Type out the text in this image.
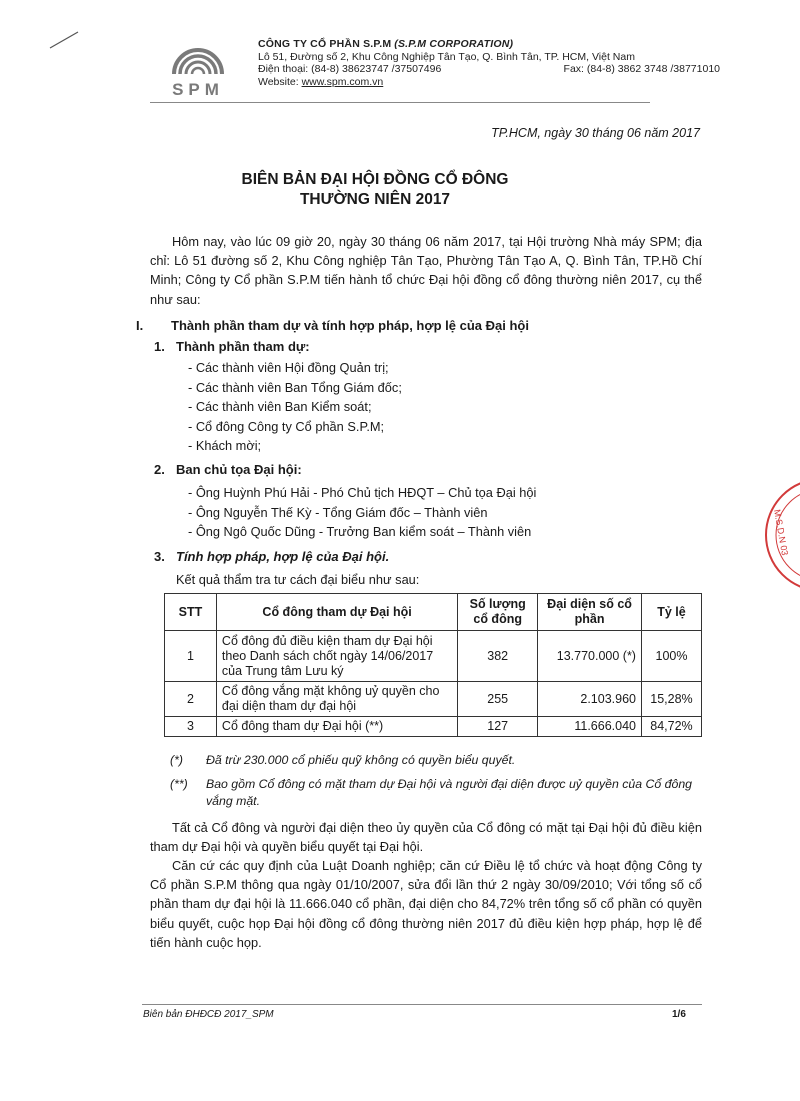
SPM
CÔNG TY CỔ PHẦN S.P.M (S.P.M CORPORATION)
Lô 51, Đường số 2, Khu Công Nghiệp Tân Tạo, Q. Bình Tân, TP. HCM, Việt Nam
Điện thoại: (84-8) 38623747 /37507496	Fax: (84-8) 3862 3748 /38771010
Website: www.spm.com.vn
TP.HCM, ngày 30 tháng 06 năm 2017
BIÊN BẢN ĐẠI HỘI ĐỒNG CỔ ĐÔNG
THƯỜNG NIÊN 2017
Hôm nay, vào lúc 09 giờ 20, ngày 30 tháng 06 năm 2017, tại Hội trường Nhà máy SPM; địa chỉ: Lô 51 đường số 2, Khu Công nghiệp Tân Tạo, Phường Tân Tạo A, Q. Bình Tân, TP.Hồ Chí Minh; Công ty Cổ phần S.P.M tiến hành tổ chức Đại hội đồng cổ đông thường niên 2017, cụ thể như sau:
I. Thành phần tham dự và tính hợp pháp, hợp lệ của Đại hội
1. Thành phần tham dự:
- Các thành viên Hội đồng Quản trị;
- Các thành viên Ban Tổng Giám đốc;
- Các thành viên Ban Kiểm soát;
- Cổ đông Công ty Cổ phần S.P.M;
- Khách mời;
2. Ban chủ tọa Đại hội:
- Ông Huỳnh Phú Hải - Phó Chủ tịch HĐQT – Chủ tọa Đại hội
- Ông Nguyễn Thế Kỳ - Tổng Giám đốc – Thành viên
- Ông Ngô Quốc Dũng - Trưởng Ban kiểm soát – Thành viên
3. Tính hợp pháp, hợp lệ của Đại hội.
Kết quả thẩm tra tư cách đại biểu như sau:
STT	Cổ đông tham dự Đại hội	Số lượng cổ đông	Đại diện số cổ phần	Tỷ lệ
1	Cổ đông đủ điều kiện tham dự Đại hội theo Danh sách chốt ngày 14/06/2017 của Trung tâm Lưu ký	382	13.770.000 (*)	100%
2	Cổ đông vắng mặt không uỷ quyền cho đại diện tham dự đại hội	255	2.103.960	15,28%
3	Cổ đông tham dự Đại hội (**)	127	11.666.040	84,72%
(*)	Đã trừ 230.000 cổ phiếu quỹ không có quyền biểu quyết.
(**)	Bao gồm Cổ đông có mặt tham dự Đại hội và người đại diện được uỷ quyền của Cổ đông vắng mặt.
Tất cả Cổ đông và người đại diện theo ủy quyền của Cổ đông có mặt tại Đại hội đủ điều kiện tham dự Đại hội và quyền biểu quyết tại Đại hội.
Căn cứ các quy định của Luật Doanh nghiệp; căn cứ Điều lệ tổ chức và hoạt động Công ty Cổ phần S.P.M thông qua ngày 01/10/2007, sửa đổi lần thứ 2 ngày 30/09/2010; Với tổng số cổ phần tham dự đại hội là 11.666.040 cổ phần, đại diện cho 84,72% trên tổng số cổ phần có quyền biểu quyết, cuộc họp Đại hội đồng cổ đông thường niên 2017 đủ điều kiện hợp pháp, hợp lệ để tiến hành cuộc họp.
Biên bản ĐHĐCĐ 2017_SPM	1/6
M.S.D.N 03
